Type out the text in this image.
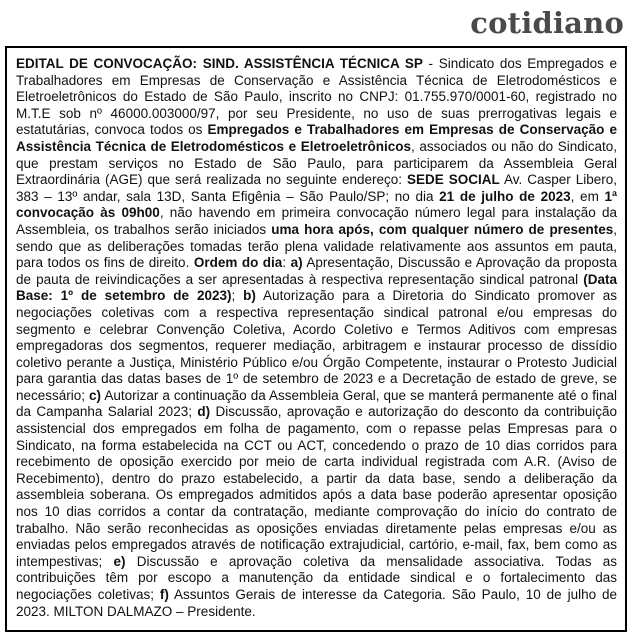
cotidiano

EDITAL DE CONVOCAÇÃO: SIND. ASSISTÊNCIA TÉCNICA SP - Sindicato dos Empregados e Trabalhadores em Empresas de Conservação e Assistência Técnica de Eletrodomésticos e Eletroeletrônicos do Estado de São Paulo, inscrito no CNPJ: 01.755.970/0001-60, registrado no M.T.E sob nº 46000.003000/97, por seu Presidente, no uso de suas prerrogativas legais e estatutárias, convoca todos os Empregados e Trabalhadores em Empresas de Conservação e Assistência Técnica de Eletrodomésticos e Eletroeletrônicos, associados ou não do Sindicato, que prestam serviços no Estado de São Paulo, para participarem da Assembleia Geral Extraordinária (AGE) que será realizada no seguinte endereço: SEDE SOCIAL Av. Casper Libero, 383 – 13º andar, sala 13D, Santa Efigênia – São Paulo/SP; no dia 21 de julho de 2023, em 1ª convocação às 09h00, não havendo em primeira convocação número legal para instalação da Assembleia, os trabalhos serão iniciados uma hora após, com qualquer número de presentes, sendo que as deliberações tomadas terão plena validade relativamente aos assuntos em pauta, para todos os fins de direito. Ordem do dia: a) Apresentação, Discussão e Aprovação da proposta de pauta de reivindicações a ser apresentadas à respectiva representação sindical patronal (Data Base: 1º de setembro de 2023); b) Autorização para a Diretoria do Sindicato promover as negociações coletivas com a respectiva representação sindical patronal e/ou empresas do segmento e celebrar Convenção Coletiva, Acordo Coletivo e Termos Aditivos com empresas empregadoras dos segmentos, requerer mediação, arbitragem e instaurar processo de dissídio coletivo perante a Justiça, Ministério Público e/ou Órgão Competente, instaurar o Protesto Judicial para garantia das datas bases de 1º de setembro de 2023 e a Decretação de estado de greve, se necessário; c) Autorizar a continuação da Assembleia Geral, que se manterá permanente até o final da Campanha Salarial 2023; d) Discussão, aprovação e autorização do desconto da contribuição assistencial dos empregados em folha de pagamento, com o repasse pelas Empresas para o Sindicato, na forma estabelecida na CCT ou ACT, concedendo o prazo de 10 dias corridos para recebimento de oposição exercido por meio de carta individual registrada com A.R. (Aviso de Recebimento), dentro do prazo estabelecido, a partir da data base, sendo a deliberação da assembleia soberana. Os empregados admitidos após a data base poderão apresentar oposição nos 10 dias corridos a contar da contratação, mediante comprovação do início do contrato de trabalho. Não serão reconhecidas as oposições enviadas diretamente pelas empresas e/ou as enviadas pelos empregados através de notificação extrajudicial, cartório, e-mail, fax, bem como as intempestivas; e) Discussão e aprovação coletiva da mensalidade associativa. Todas as contribuições têm por escopo a manutenção da entidade sindical e o fortalecimento das negociações coletivas; f) Assuntos Gerais de interesse da Categoria. São Paulo, 10 de julho de 2023. MILTON DALMAZO – Presidente.
